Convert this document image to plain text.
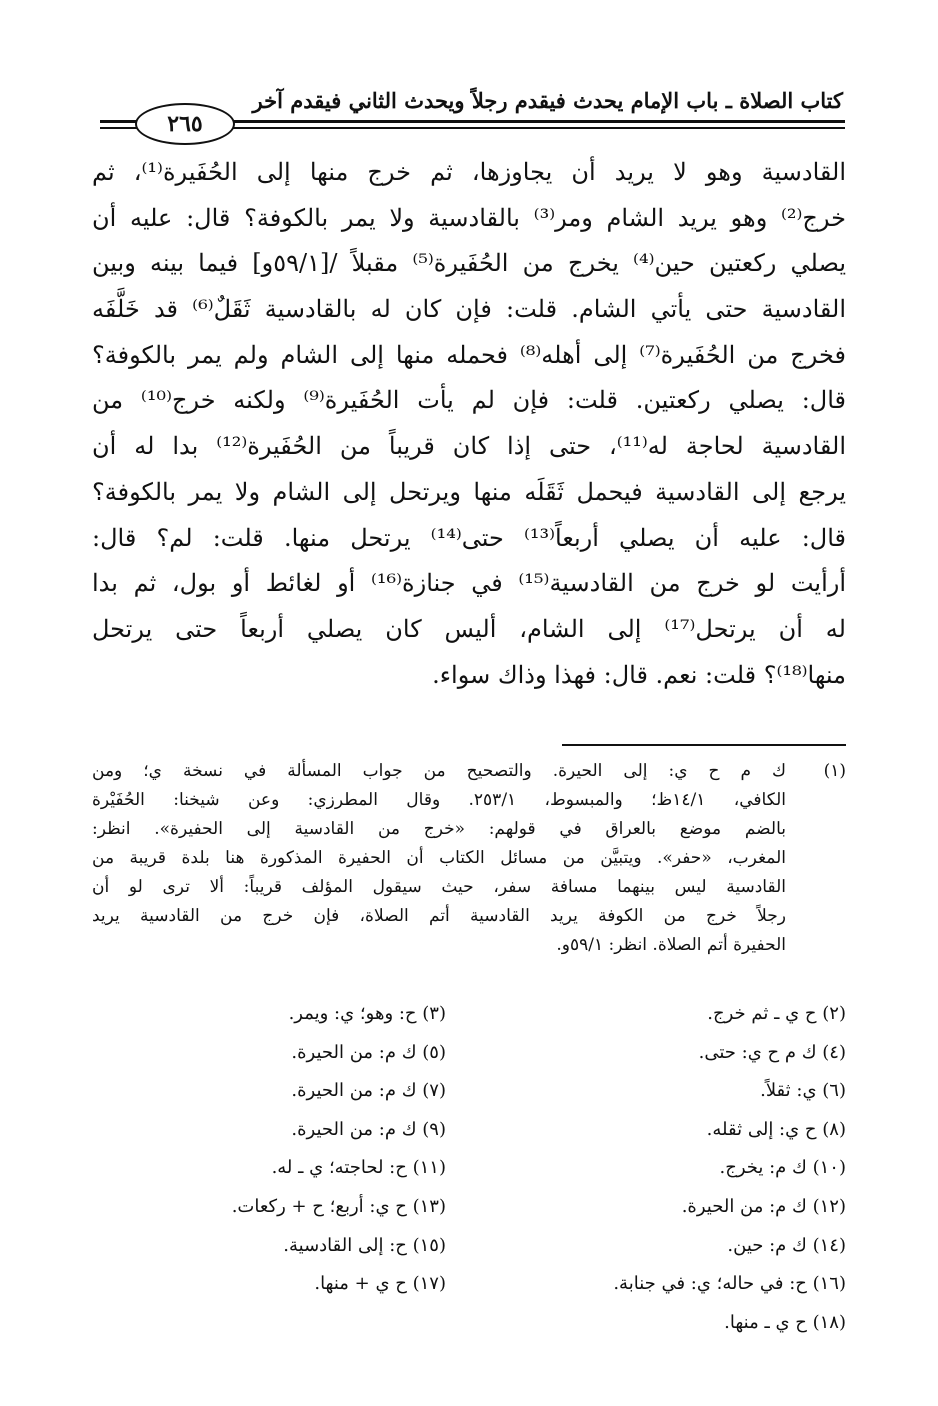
كتاب الصلاة ـ باب الإمام يحدث فيقدم رجلاً ويحدث الثاني فيقدم آخر
٢٦٥
القادسية وهو لا يريد أن يجاوزها، ثم خرج منها إلى الحُفَيرة⁽¹⁾، ثم
خرج⁽²⁾ وهو يريد الشام ومر⁽³⁾ بالقادسية ولا يمر بالكوفة؟ قال: عليه أن
يصلي ركعتين حين⁽⁴⁾ يخرج من الحُفَيرة⁽⁵⁾ مقبلاً /[٥٩/١و] فيما بينه وبين
القادسية حتى يأتي الشام. قلت: فإن كان له بالقادسية ثَقَلٌ⁽⁶⁾ قد خَلَّفَه
فخرج من الحُفَيرة⁽⁷⁾ إلى أهله⁽⁸⁾ فحمله منها إلى الشام ولم يمر بالكوفة؟
قال: يصلي ركعتين. قلت: فإن لم يأت الحُفَيرة⁽⁹⁾ ولكنه خرج⁽¹⁰⁾ من
القادسية لحاجة له⁽¹¹⁾، حتى إذا كان قريباً من الحُفَيرة⁽¹²⁾ بدا له أن
يرجع إلى القادسية فيحمل ثَقَلَه منها ويرتحل إلى الشام ولا يمر بالكوفة؟
قال: عليه أن يصلي أربعاً⁽¹³⁾ حتى⁽¹⁴⁾ يرتحل منها. قلت: لم؟ قال:
أرأيت لو خرج من القادسية⁽¹⁵⁾ في جنازة⁽¹⁶⁾ أو لغائط أو بول، ثم بدا
له أن يرتحل⁽¹⁷⁾ إلى الشام، أليس كان يصلي أربعاً حتى يرتحل
منها⁽¹⁸⁾؟ قلت: نعم. قال: فهذا وذاك سواء.
(١)
ك م ح ي: إلى الحيرة. والتصحيح من جواب المسألة في نسخة ي؛ ومن
الكافي، ١٤/١ظ؛ والمبسوط، ٢٥٣/١. وقال المطرزي: وعن شيخنا: الحُفَيْرة
بالضم موضع بالعراق في قولهم: «خرج من القادسية إلى الحفيرة». انظر:
المغرب، «حفر». ويتبيَّن من مسائل الكتاب أن الحفيرة المذكورة هنا بلدة قريبة من
القادسية ليس بينهما مسافة سفر، حيث سيقول المؤلف قريباً: ألا ترى لو أن
رجلاً خرج من الكوفة يريد القادسية أتم الصلاة، فإن خرج من القادسية يريد
الحفيرة أتم الصلاة. انظر: ٥٩/١و.
(٢) ح ي ـ ثم خرج.
(٣) ح: وهو؛ ي: ويمر.
(٤) ك م ح ي: حتى.
(٥) ك م: من الحيرة.
(٦) ي: ثقلاً.
(٧) ك م: من الحيرة.
(٨) ح ي: إلى ثقله.
(٩) ك م: من الحيرة.
(١٠) ك م: يخرج.
(١١) ح: لحاجته؛ ي ـ له.
(١٢) ك م: من الحيرة.
(١٣) ح ي: أربع؛ ح + ركعات.
(١٤) ك م: حين.
(١٥) ح: إلى القادسية.
(١٦) ح: في حاله؛ ي: في جنابة.
(١٧) ح ي + منها.
(١٨) ح ي ـ منها.
